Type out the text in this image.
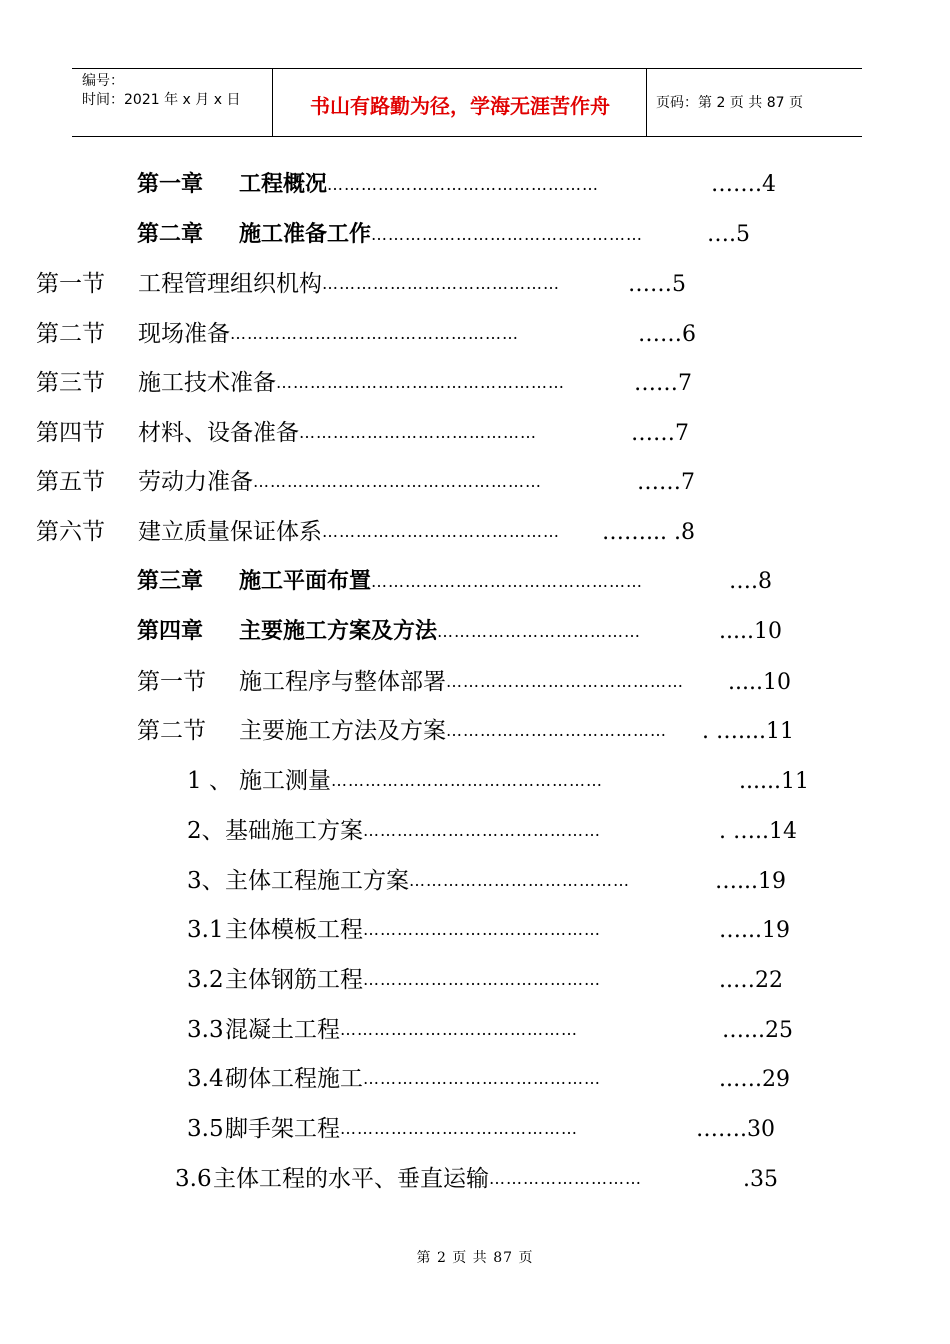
编号：
时间：2021 年 x 月 x 日	书山有路勤为径，学海无涯苦作舟	页码：第 2 页 共 87 页
第一章 工程概况…………………………………………	…….4
第二章 施工准备工作…………………………………………	….5
第一节 工程管理组织机构……………………………………	……5
第二节 现场准备……………………………………………	……6
第三节 施工技术准备……………………………………………	……7
第四节 材料、设备准备……………………………………	……7
第五节 劳动力准备……………………………………………	……7
第六节 建立质量保证体系…………………………………… ……... .8
第三章 施工平面布置…………………………………………	….8
第四章 主要施工方案及方法………………………………	.....10
第一节 施工程序与整体部署…………………………………… .....10
第二节 主要施工方法及方案………………………………… . …....11
1 、 施工测量…………………………………………	......11
2、基础施工方案……………………………………	. …..14
3、主体工程施工方案…………………………………	…...19
3.1主体模板工程……………………………………	…...19
3.2主体钢筋工程……………………………………	..…22
3.3混凝土工程……………………………………	…...25
3.4砌体工程施工……………………………………	..….29
3.5脚手架工程……………………………………	…….30
3.6主体工程的水平、垂直运输………………………	.35
第 2 页 共 87 页
